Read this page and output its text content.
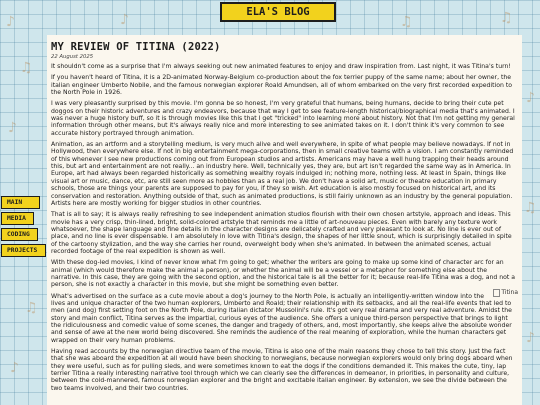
♪
♫
♪
♫
♪
♫
♪
♫
♪
♪	♫
ELA'S BLOG
MAIN
MEDIA
CODING
PROJECTS
MY REVIEW OF TITINA (2022)
22 August 2025

It shouldn't come as a surprise that I'm always seeking out new animated features to enjoy and draw inspiration from. Last night, it was Titina's turn!

If you haven't heard of Titina, it is a 2D-animated Norway-Belgium co-production about the fox terrier puppy of the same name; about her owner, the italian engineer Umberto Nobile, and the famous norwegian explorer Roald Amundsen, all of whom embarked on the very first recorded expedition to the North Pole in 1926.

I was very pleasantly surprised by this movie. I'm gonna be so honest, I'm very grateful that humans, being humans, decide to bring their cute pet doggos on their historic adventures and crazy endeavors, because that way I get to see feature-length historical/biographical media that's animated. I was never a huge history buff, so it is through movies like this that I get "tricked" into learning more about history. Not that I'm not getting my general information through other means, but it's always really nice and more interesting to see animated takes on it. I don't think it's very common to see accurate history portrayed through animation.

Animation, as an artform and a storytelling medium, is very much alive and well everywhere, in spite of what people may believe nowadays. If not in Hollywood, then everywhere else. If not in big entertainment mega-corporations, then in small creative teams with a vision. I am constantly reminded of this whenever I see new productions coming out from European studios and artists. Americans may have a well hung trapping their heads around this, but art and entertainment are not really... an industry here. Well, technically yes, they are, but art isn't regarded the same way as in America. In Europe, art had always been regarded historically as something wealthy royals indulged in; nothing more, nothing less. At least in Spain, things like visual art or music, dance, etc, are still seen more as hobbies than as a real job. We don't have a solid art, music or theatre education in primary schools, those are things your parents are supposed to pay for you, if they so wish. Art education is also mostly focused on historical art, and its conservation and restoration. Anything outside of that, such as animated productions, is still fairly unknown as an industry by the general population. Artists here are mostly working for bigger studios in other countries.

That is all to say; it is always really refreshing to see independent animation studios flourish with their own chosen artstyle, approach and ideas. This movie has a very crisp, thin-lined, bright, solid-colored artstyle that reminds me a little of art-nouveau pieces. Even with barely any texture work whatsoever, the shape language and fine details in the character designs are delicately crafted and very pleasant to look at. No line is ever out of place, and no line is ever dispensable. I am absolutely in love with Titina's design, the shapes of her little snout, which is surprisingly detailed in spite of the cartoony stylization, and the way she carries her round, overweight body when she's animated. In between the animated scenes, actual recorded footage of the real expedition is shown as well.

With these dog-led movies, I kind of never know what I'm going to get; whether the writers are going to make up some kind of character arc for an animal (which would therefore make the animal a person), or whether the animal will be a vessel or a metaphor for something else about the narrative. In this case, they are going with the second option, and the historical tale is all the better for it; because real-life Titina was a dog, and not a person, she is not exactly a character in this movie, but she might be something even better.

Titina

What's advertised on the surface as a cute movie about a dog's journey to the North Pole, is actually an intelligently-written window into the lives and unique character of the two human explorers, Umberto and Roald; their relationship with its setbacks, and all the real-life events that led to men (and dog) first setting foot on the North Pole, during italian dictator Mussolini's rule. It's got very real drama and very real adventure. Amidst the story and main conflict, Titina serves as the impartial, curious eyes of the audience. She offers a unique third-person perspective that brings to light the ridiculousness and comedic value of some scenes, the danger and tragedy of others, and, most importantly, she keeps alive the absolute wonder and sense of awe at the new world being discovered. She reminds the audience of the real meaning of exploration, while the human characters get wrapped on their very human problems.

Having read accounts by the norwegian directive team of the movie, Titina is also one of the main reasons they chose to tell this story. Just the fact that she was aboard the expedition at all would have been shocking to norwegians, because norwegian explorers would only bring dogs aboard when they were useful, such as for pulling sleds, and were sometimes known to eat the dogs if the conditions demanded it. This makes the cute, tiny, lap terrier Titina a really interesting narrative tool through which we can clearly see the differences in demeanor, in priorities, in personality and culture, between the cold-mannered, famous norwegian explorer and the bright and excitable italian engineer. By extension, we see the divide between the two teams involved, and their two countries.
